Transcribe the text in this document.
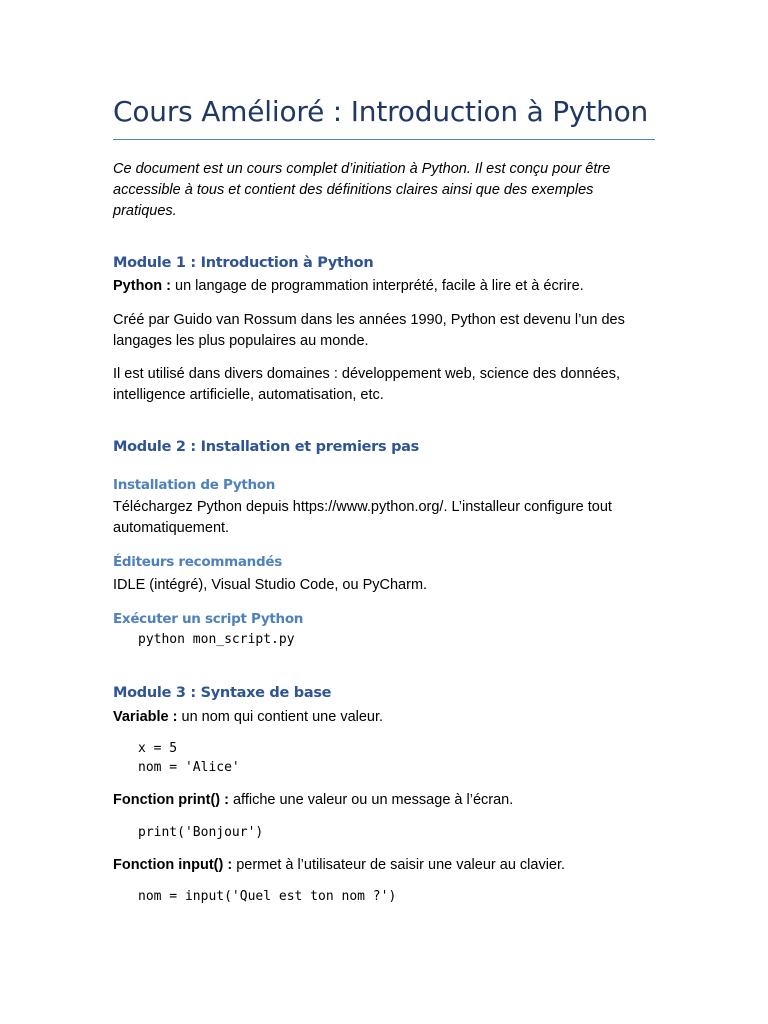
Cours Amélioré : Introduction à Python

Ce document est un cours complet d’initiation à Python. Il est conçu pour être accessible à tous et contient des définitions claires ainsi que des exemples pratiques.

Module 1 : Introduction à Python

Python : un langage de programmation interprété, facile à lire et à écrire.

Créé par Guido van Rossum dans les années 1990, Python est devenu l’un des langages les plus populaires au monde.

Il est utilisé dans divers domaines : développement web, science des données, intelligence artificielle, automatisation, etc.

Module 2 : Installation et premiers pas
Installation de Python

Téléchargez Python depuis https://www.python.org/. L’installeur configure tout automatiquement.

Éditeurs recommandés

IDLE (intégré), Visual Studio Code, ou PyCharm.

Exécuter un script Python
python mon_script.py
Module 3 : Syntaxe de base

Variable : un nom qui contient une valeur.

x = 5
nom = 'Alice'

Fonction print() : affiche une valeur ou un message à l’écran.

print('Bonjour')

Fonction input() : permet à l’utilisateur de saisir une valeur au clavier.

nom = input('Quel est ton nom ?')
